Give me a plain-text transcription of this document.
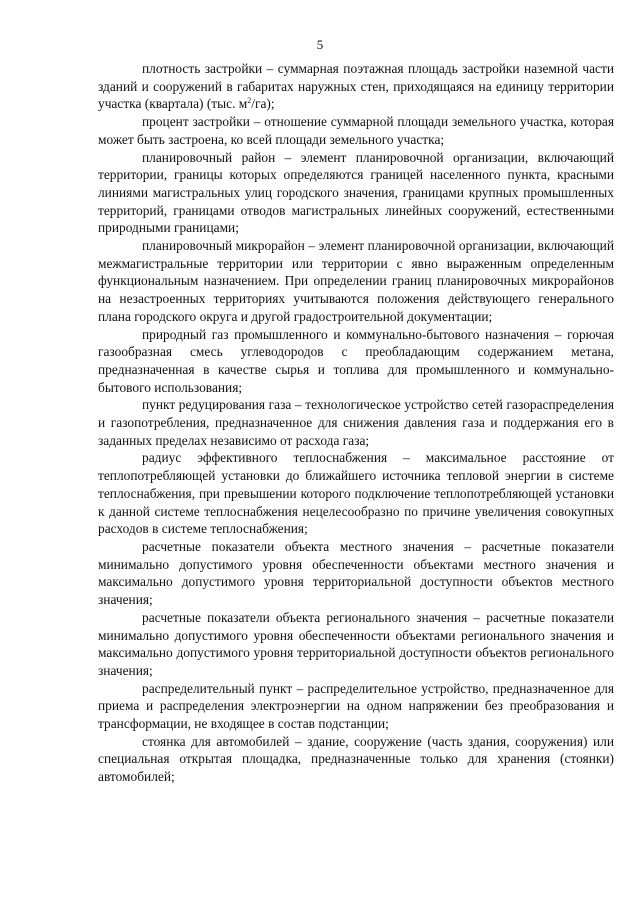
5

плотность застройки – суммарная поэтажная площадь застройки наземной части зданий и сооружений в габаритах наружных стен, приходящаяся на единицу территории участка (квартала) (тыс. $м^2/га$);

процент застройки – отношение суммарной площади земельного участка, которая может быть застроена, ко всей площади земельного участка;

планировочный район – элемент планировочной организации, включающий территории, границы которых определяются границей населенного пункта, красными линиями магистральных улиц городского значения, границами крупных промышленных территорий, границами отводов магистральных линейных сооружений, естественными природными границами;

планировочный микрорайон – элемент планировочной организации, включающий межмагистральные территории или территории с явно выраженным определенным функциональным назначением. При определении границ планировочных микрорайонов на незастроенных территориях учитываются положения действующего генерального плана городского округа и другой градостроительной документации;

природный газ промышленного и коммунально-бытового назначения – горючая газообразная смесь углеводородов с преобладающим содержанием метана, предназначенная в качестве сырья и топлива для промышленного и коммунально-бытового использования;

пункт редуцирования газа – технологическое устройство сетей газораспределения и газопотребления, предназначенное для снижения давления газа и поддержания его в заданных пределах независимо от расхода газа;

радиус эффективного теплоснабжения – максимальное расстояние от теплопотребляющей установки до ближайшего источника тепловой энергии в системе теплоснабжения, при превышении которого подключение теплопотребляющей установки к данной системе теплоснабжения нецелесообразно по причине увеличения совокупных расходов в системе теплоснабжения;

расчетные показатели объекта местного значения – расчетные показатели минимально допустимого уровня обеспеченности объектами местного значения и максимально допустимого уровня территориальной доступности объектов местного значения;

расчетные показатели объекта регионального значения – расчетные показатели минимально допустимого уровня обеспеченности объектами регионального значения и максимально допустимого уровня территориальной доступности объектов регионального значения;

распределительный пункт – распределительное устройство, предназначенное для приема и распределения электроэнергии на одном напряжении без преобразования и трансформации, не входящее в состав подстанции;

стоянка для автомобилей – здание, сооружение (часть здания, сооружения) или специальная открытая площадка, предназначенные только для хранения (стоянки) автомобилей;
